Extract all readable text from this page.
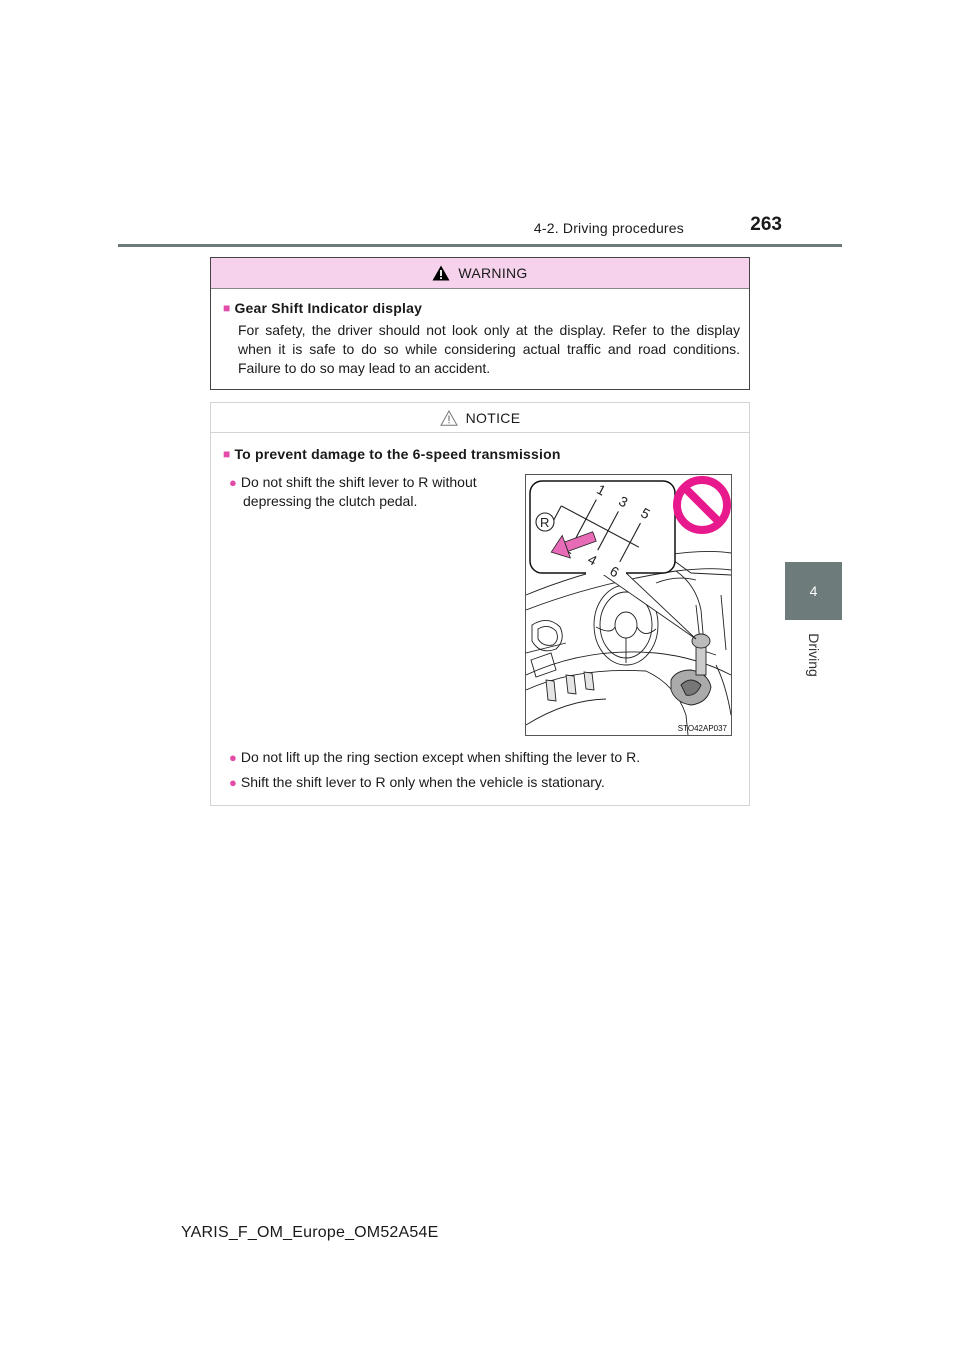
4-2. Driving procedures	263
4
Driving
WARNING
■ Gear Shift Indicator display
For safety, the driver should not look only at the display. Refer to the display when it is safe to do so while considering actual traffic and road conditions. Failure to do so may lead to an accident.
NOTICE
■ To prevent damage to the 6-speed transmission
● Do not shift the shift lever to R without
depressing the clutch pedal.
● Do not lift up the ring section except when shifting the lever to R.
● Shift the shift lever to R only when the vehicle is stationary.
1
3
4
5
6
R
STO42AP037
YARIS_F_OM_Europe_OM52A54E
